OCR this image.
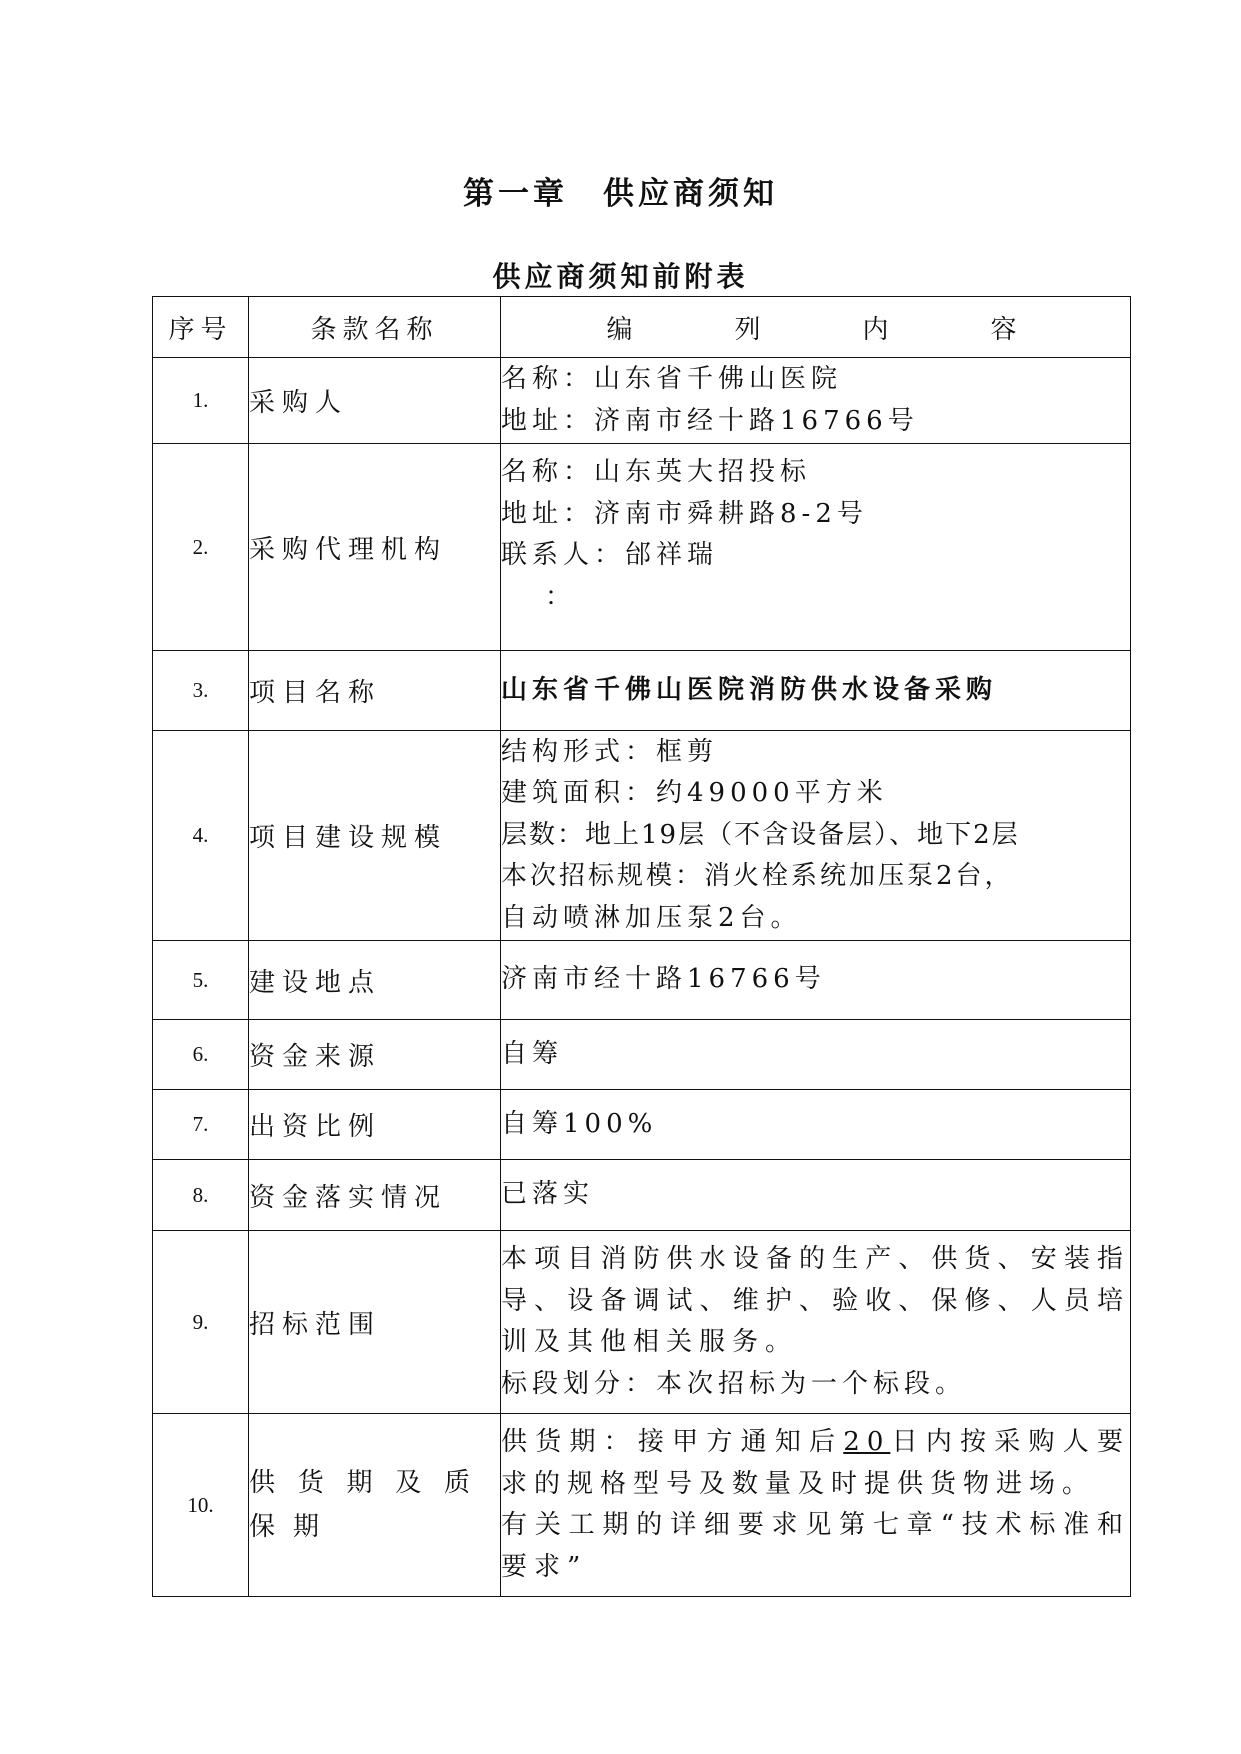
第一章　供应商须知
供应商须知前附表
序号	条款名称	编　列　内　容
1.	采购人	名称：山东省千佛山医院
地址：济南市经十路16766号

2.	采购代理机构	名称：山东英大招投标
地址：济南市舜耕路8-2号
联系人：邰祥瑞
：

3.	项目名称	山东省千佛山医院消防供水设备采购

4.	项目建设规模	结构形式：框剪
建筑面积：约49000平方米
层数：地上19层（不含设备层）、地下2层
本次招标规模：消火栓系统加压泵2台，
自动喷淋加压泵2台。

5.	建设地点	济南市经十路16766号

6.	资金来源	自筹

7.	出资比例	自筹100%

8.	资金落实情况	已落实

9.	招标范围	本项目消防供水设备的生产、供货、安装指导、设备调试、维护、验收、保修、人员培训及其他相关服务。
标段划分：本次招标为一个标段。

10.	供货期及质保期	供货期：接甲方通知后20日内按采购人要求的规格型号及数量及时提供货物进场。
有关工期的详细要求见第七章“技术标准和要求”
